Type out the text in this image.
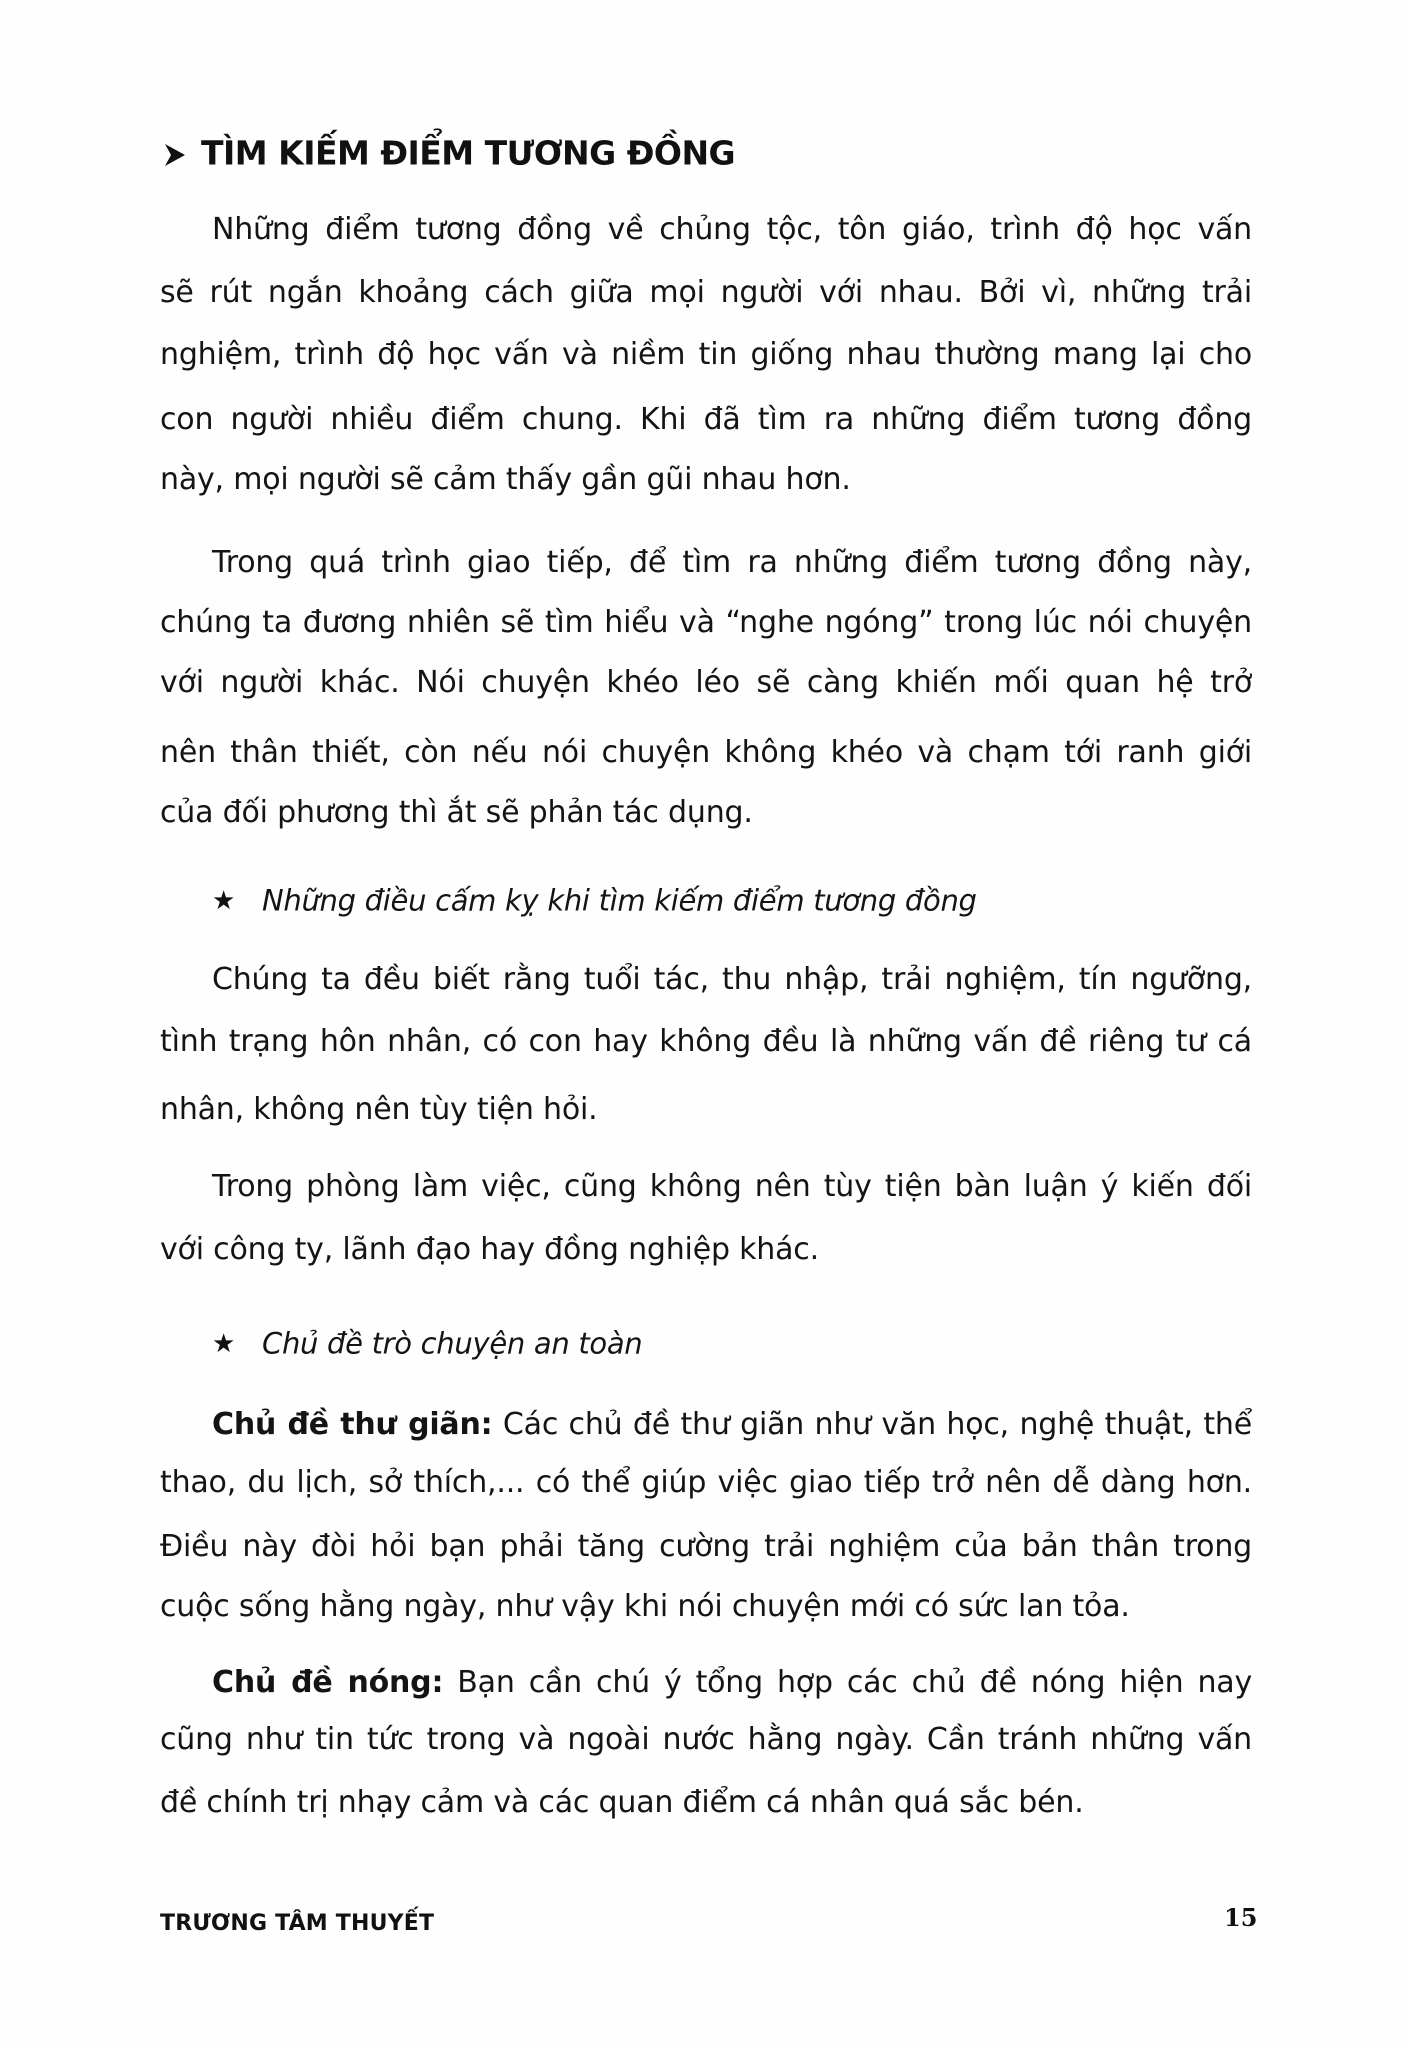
TÌM KIẾM ĐIỂM TƯƠNG ĐỒNG
Những điểm tương đồng về chủng tộc, tôn giáo, trình độ học vấn
sẽ rút ngắn khoảng cách giữa mọi người với nhau. Bởi vì, những trải
nghiệm, trình độ học vấn và niềm tin giống nhau thường mang lại cho
con người nhiều điểm chung. Khi đã tìm ra những điểm tương đồng
này, mọi người sẽ cảm thấy gần gũi nhau hơn.
Trong quá trình giao tiếp, để tìm ra những điểm tương đồng này,
chúng ta đương nhiên sẽ tìm hiểu và “nghe ngóng” trong lúc nói chuyện
với người khác. Nói chuyện khéo léo sẽ càng khiến mối quan hệ trở
nên thân thiết, còn nếu nói chuyện không khéo và chạm tới ranh giới
của đối phương thì ắt sẽ phản tác dụng.
★ Những điều cấm kỵ khi tìm kiếm điểm tương đồng
Chúng ta đều biết rằng tuổi tác, thu nhập, trải nghiệm, tín ngưỡng,
tình trạng hôn nhân, có con hay không đều là những vấn đề riêng tư cá
nhân, không nên tùy tiện hỏi.
Trong phòng làm việc, cũng không nên tùy tiện bàn luận ý kiến đối
với công ty, lãnh đạo hay đồng nghiệp khác.
★ Chủ đề trò chuyện an toàn
Chủ đề thư giãn: Các chủ đề thư giãn như văn học, nghệ thuật, thể
thao, du lịch, sở thích,... có thể giúp việc giao tiếp trở nên dễ dàng hơn.
Điều này đòi hỏi bạn phải tăng cường trải nghiệm của bản thân trong
cuộc sống hằng ngày, như vậy khi nói chuyện mới có sức lan tỏa.
Chủ đề nóng: Bạn cần chú ý tổng hợp các chủ đề nóng hiện nay
cũng như tin tức trong và ngoài nước hằng ngày. Cần tránh những vấn
đề chính trị nhạy cảm và các quan điểm cá nhân quá sắc bén.
TRƯƠNG TÂM THUYẾT	15
